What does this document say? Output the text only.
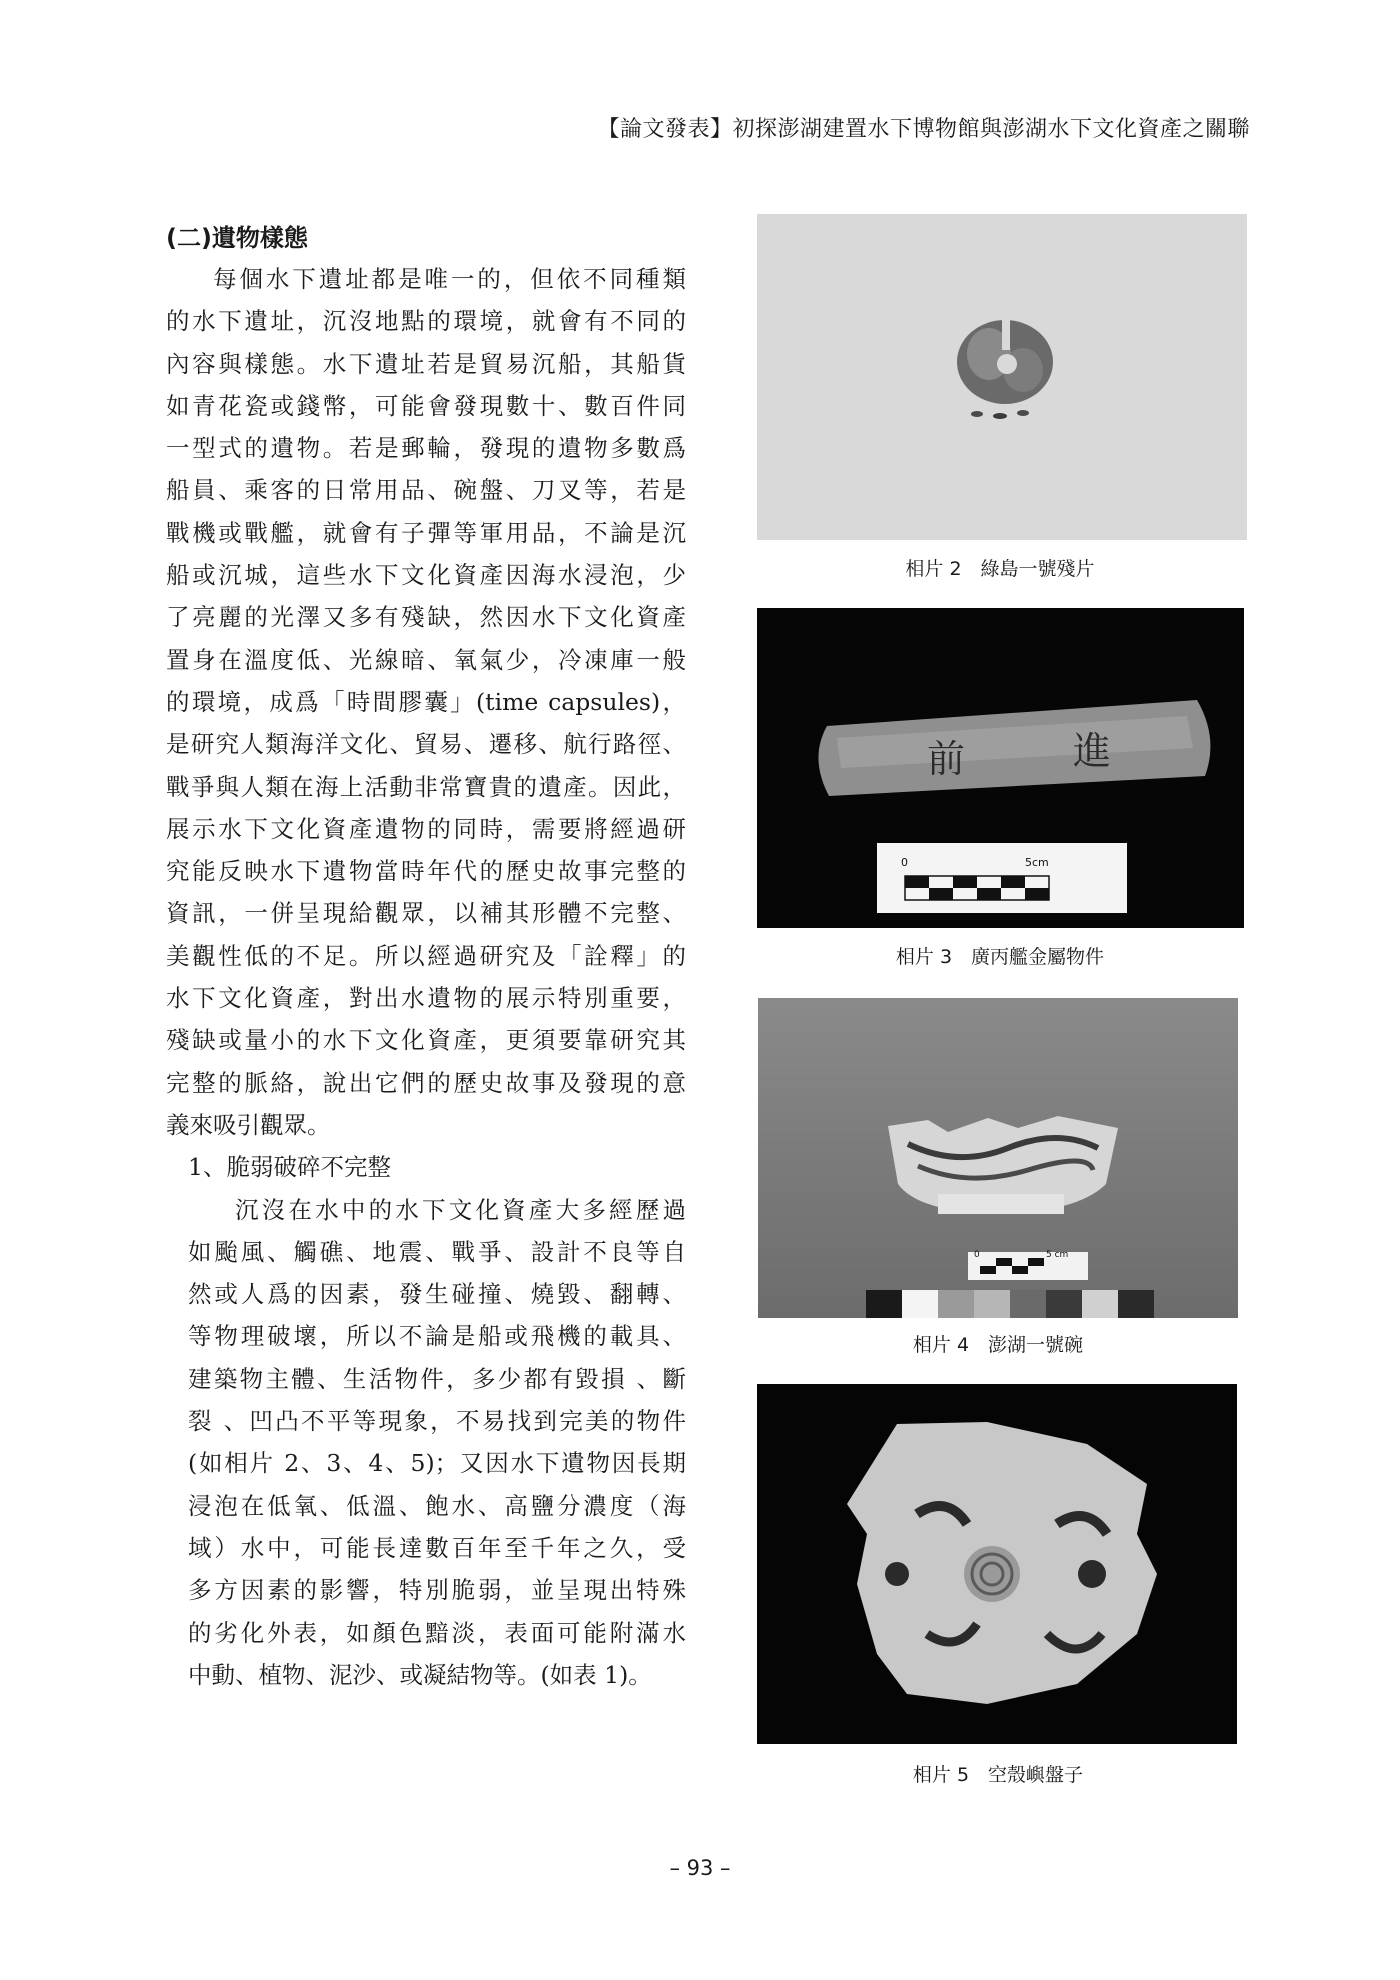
【論文發表】初探澎湖建置水下博物館與澎湖水下文化資產之關聯
(二)遺物樣態

每個水下遺址都是唯一的，但依不同種類

的水下遺址，沉沒地點的環境，就會有不同的

內容與樣態。水下遺址若是貿易沉船，其船貨

如青花瓷或錢幣，可能會發現數十、數百件同

一型式的遺物。若是郵輪，發現的遺物多數爲

船員、乘客的日常用品、碗盤、刀叉等，若是

戰機或戰艦，就會有子彈等軍用品，不論是沉

船或沉城，這些水下文化資產因海水浸泡，少

了亮麗的光澤又多有殘缺，然因水下文化資產

置身在溫度低、光線暗、氧氣少，冷凍庫一般

的環境，成爲「時間膠囊」(time capsules)，

是研究人類海洋文化、貿易、遷移、航行路徑、

戰爭與人類在海上活動非常寶貴的遺產。因此，

展示水下文化資產遺物的同時，需要將經過研

究能反映水下遺物當時年代的歷史故事完整的

資訊，一併呈現給觀眾，以補其形體不完整、

美觀性低的不足。所以經過研究及「詮釋」的

水下文化資產，對出水遺物的展示特別重要，

殘缺或量小的水下文化資產，更須要靠研究其

完整的脈絡，說出它們的歷史故事及發現的意

義來吸引觀眾。

1、脆弱破碎不完整

沉沒在水中的水下文化資產大多經歷過

如颱風、觸礁、地震、戰爭、設計不良等自

然或人爲的因素，發生碰撞、燒毀、翻轉、

等物理破壞，所以不論是船或飛機的載具、

建築物主體、生活物件，多少都有毀損 、斷

裂 、凹凸不平等現象，不易找到完美的物件

(如相片 2、3、4、5)；又因水下遺物因長期

浸泡在低氧、低溫、飽水、高鹽分濃度（海

域）水中，可能長達數百年至千年之久，受

多方因素的影響，特別脆弱，並呈現出特殊

的劣化外表，如顏色黯淡，表面可能附滿水

中動、植物、泥沙、或凝結物等。(如表 1)。

相片 2　綠島一號殘片
前	進
0	5cm
相片 3　廣丙艦金屬物件
0	5 cm
相片 4　澎湖一號碗
相片 5　空殼嶼盤子
– 93 –
